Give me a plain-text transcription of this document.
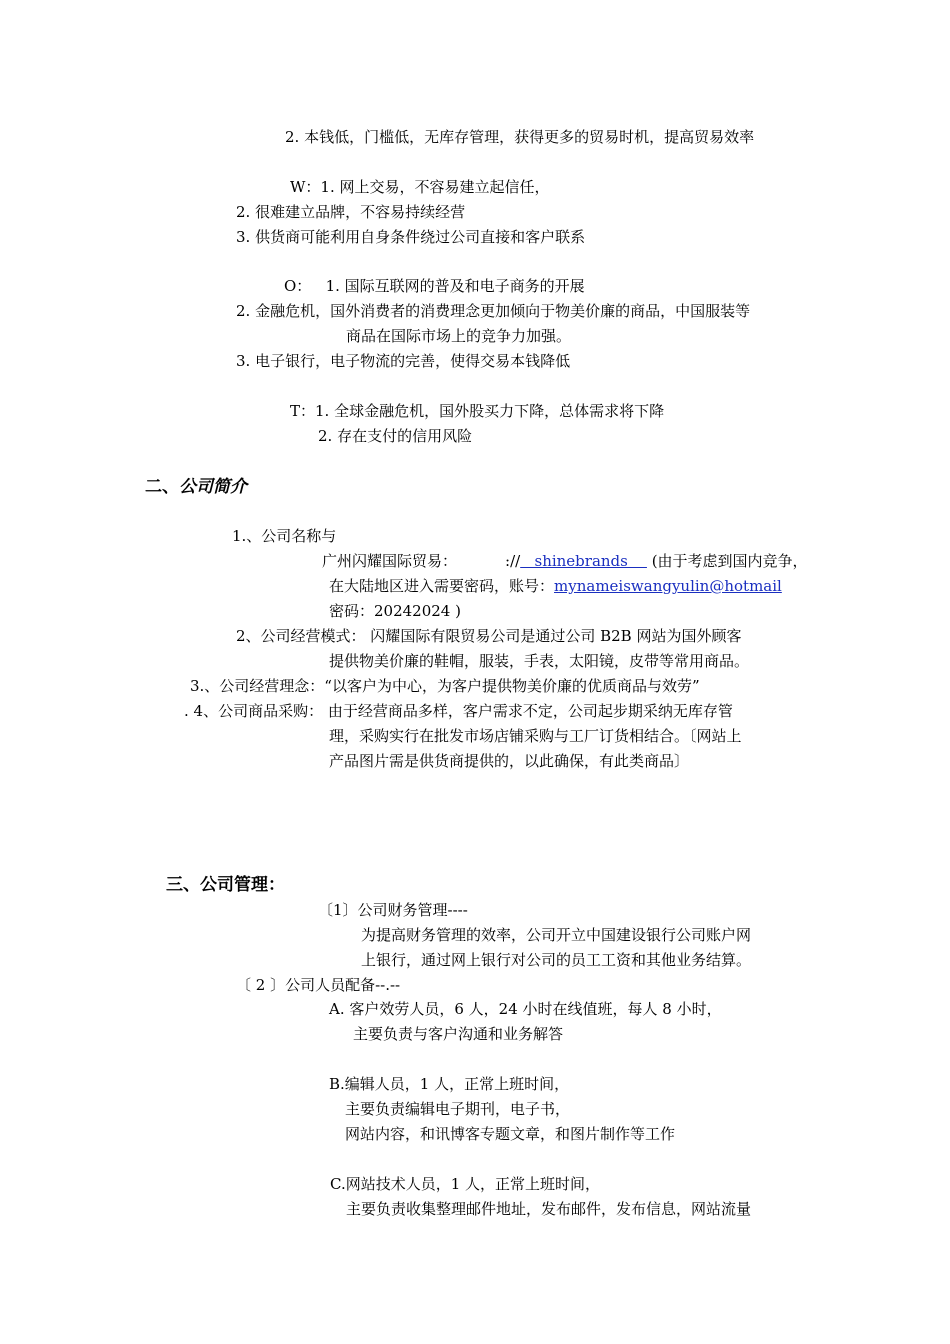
2. 本钱低，门槛低，无库存管理，获得更多的贸易时机，提高贸易效率
W：1. 网上交易，不容易建立起信任，
2. 很难建立品牌，不容易持续经营
3. 供货商可能利用自身条件绕过公司直接和客户联系
O：   1. 国际互联网的普及和电子商务的开展
2. 金融危机，国外消费者的消费理念更加倾向于物美价廉的商品，中国服装等
商品在国际市场上的竞争力加强。
3. 电子银行，电子物流的完善，使得交易本钱降低
T：1. 全球金融危机，国外股买力下降，总体需求将下降
2. 存在支付的信用风险
二、公司简介
1.、公司名称与
广州闪耀国际贸易：	://   shinebrands     (由于考虑到国内竞争，
在大陆地区进入需要密码，账号：mynameiswangyulin@hotmail
密码：20242024 )
2、公司经营模式： 闪耀国际有限贸易公司是通过公司 B2B 网站为国外顾客
提供物美价廉的鞋帽，服装，手表，太阳镜，皮带等常用商品。
3.、公司经营理念：“以客户为中心，为客户提供物美价廉的优质商品与效劳”
. 4、公司商品采购： 由于经营商品多样，客户需求不定，公司起步期采纳无库存管
理，采购实行在批发市场店铺采购与工厂订货相结合。〔网站上
产品图片需是供货商提供的，以此确保，有此类商品〕
三、公司管理：
〔1〕公司财务管理----
为提高财务管理的效率，公司开立中国建设银行公司账户网
上银行，通过网上银行对公司的员工工资和其他业务结算。
〔 2 〕公司人员配备--.--
A. 客户效劳人员，6 人，24 小时在线值班，每人 8 小时，
主要负责与客户沟通和业务解答
B.编辑人员，1 人，正常上班时间，
主要负责编辑电子期刊，电子书，
网站内容，和讯博客专题文章，和图片制作等工作
C.网站技术人员，1 人，正常上班时间，
主要负责收集整理邮件地址，发布邮件，发布信息，网站流量
